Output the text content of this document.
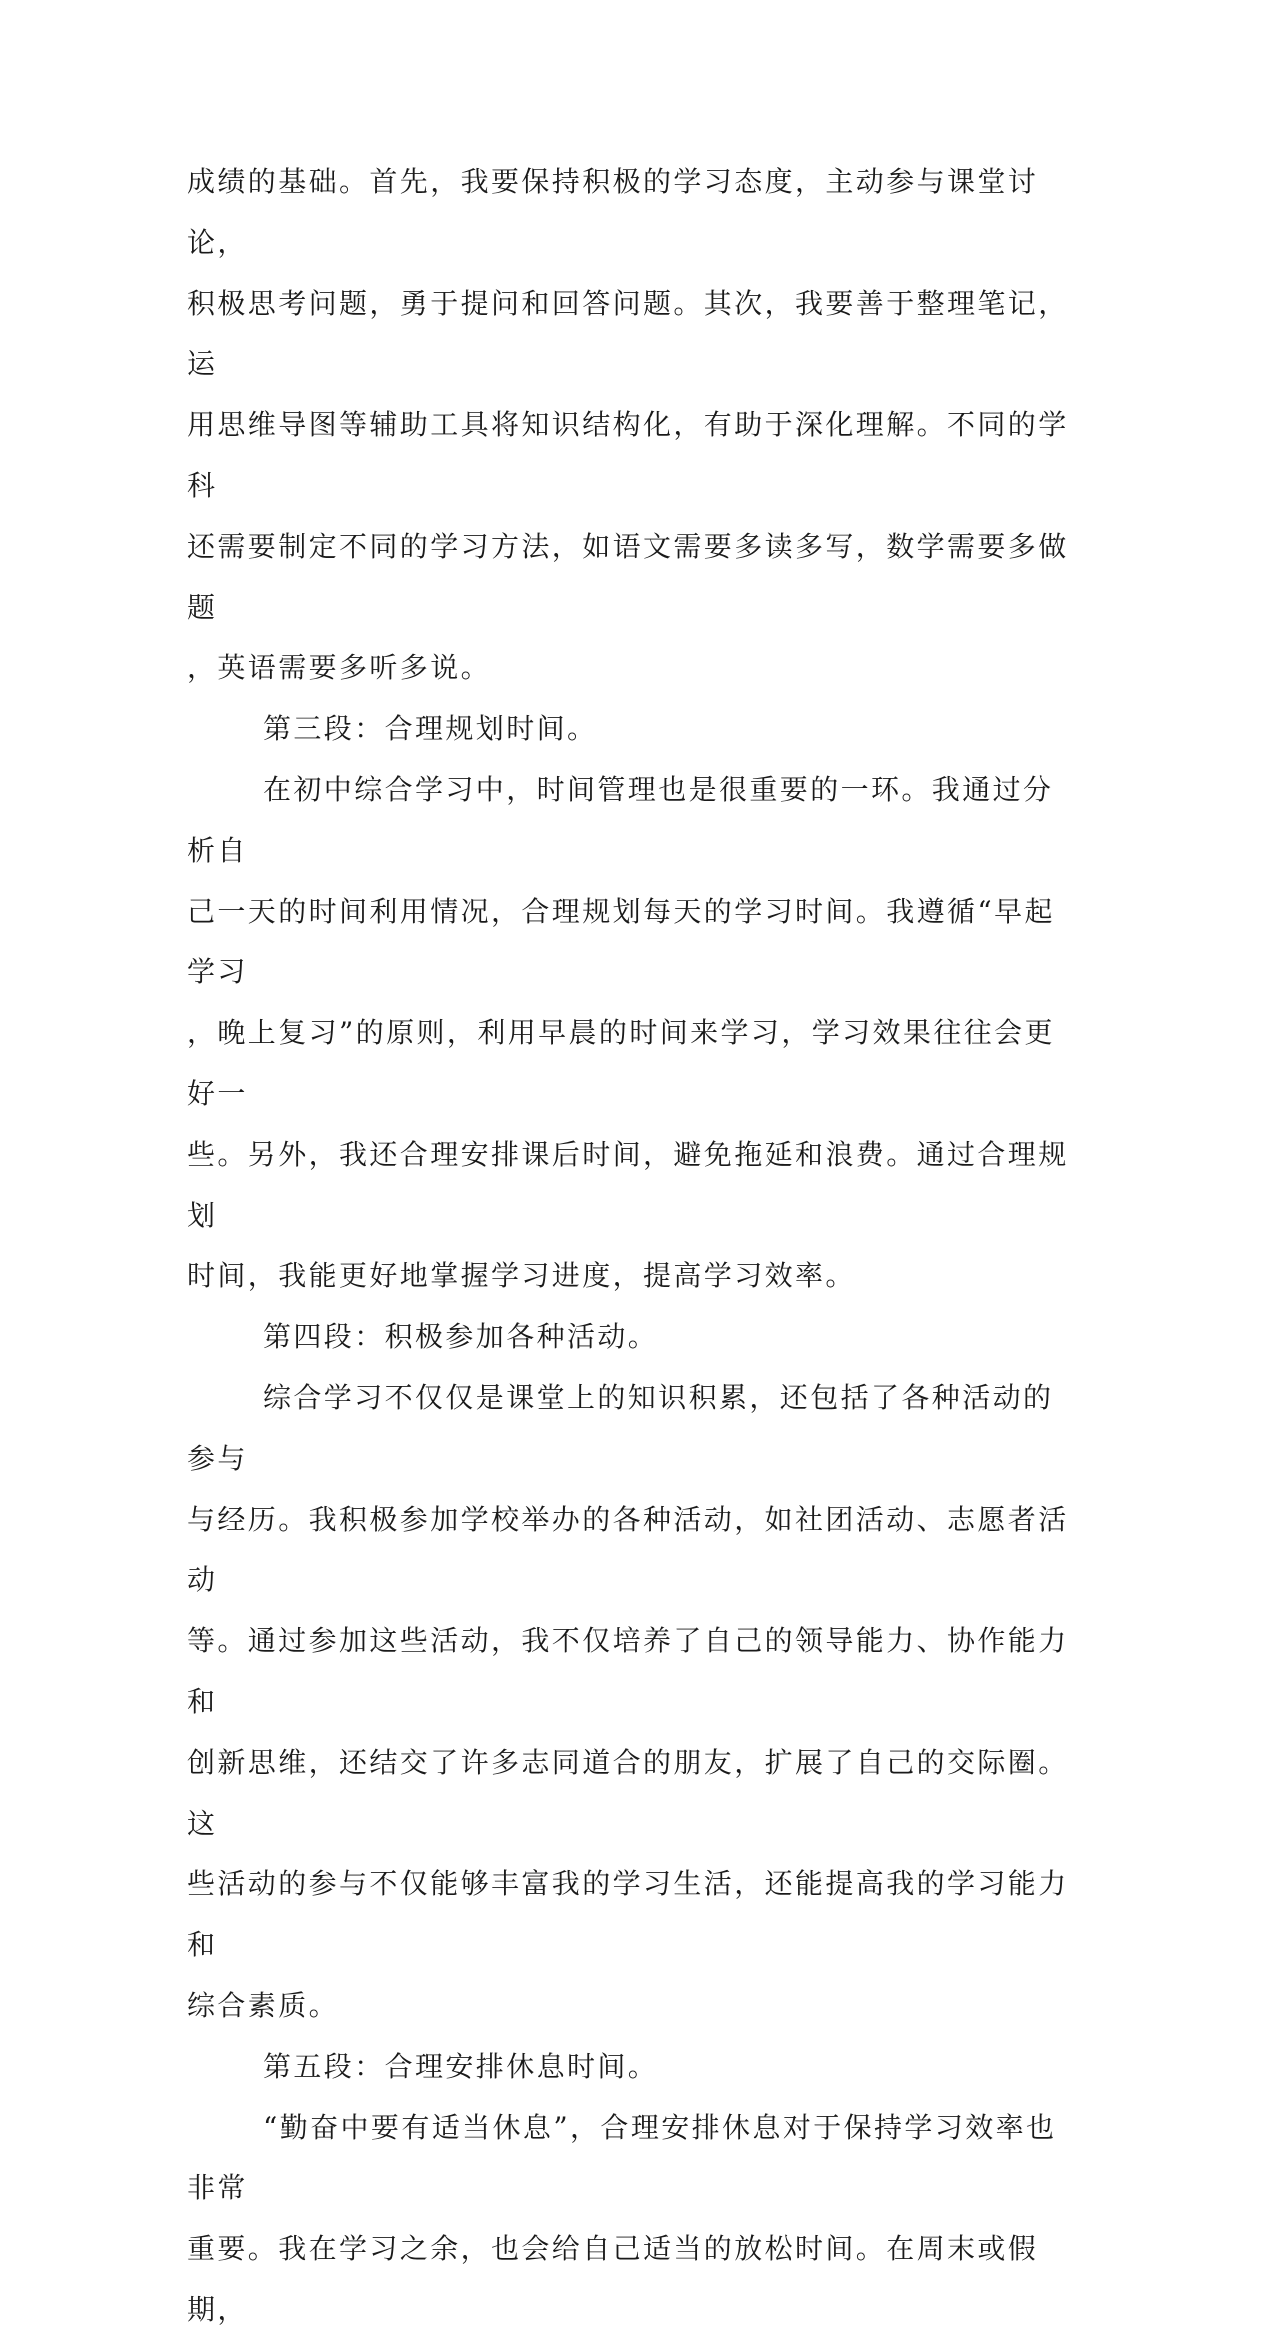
成绩的基础。首先，我要保持积极的学习态度，主动参与课堂讨论，
积极思考问题，勇于提问和回答问题。其次，我要善于整理笔记，运
用思维导图等辅助工具将知识结构化，有助于深化理解。不同的学科
还需要制定不同的学习方法，如语文需要多读多写，数学需要多做题
，英语需要多听多说。

第三段：合理规划时间。

在初中综合学习中，时间管理也是很重要的一环。我通过分析自
己一天的时间利用情况，合理规划每天的学习时间。我遵循“早起学习
，晚上复习”的原则，利用早晨的时间来学习，学习效果往往会更好一
些。另外，我还合理安排课后时间，避免拖延和浪费。通过合理规划
时间，我能更好地掌握学习进度，提高学习效率。

第四段：积极参加各种活动。

综合学习不仅仅是课堂上的知识积累，还包括了各种活动的参与
与经历。我积极参加学校举办的各种活动，如社团活动、志愿者活动
等。通过参加这些活动，我不仅培养了自己的领导能力、协作能力和
创新思维，还结交了许多志同道合的朋友，扩展了自己的交际圈。这
些活动的参与不仅能够丰富我的学习生活，还能提高我的学习能力和
综合素质。

第五段：合理安排休息时间。

“勤奋中要有适当休息”，合理安排休息对于保持学习效率也非常
重要。我在学习之余，也会给自己适当的放松时间。在周末或假期，
